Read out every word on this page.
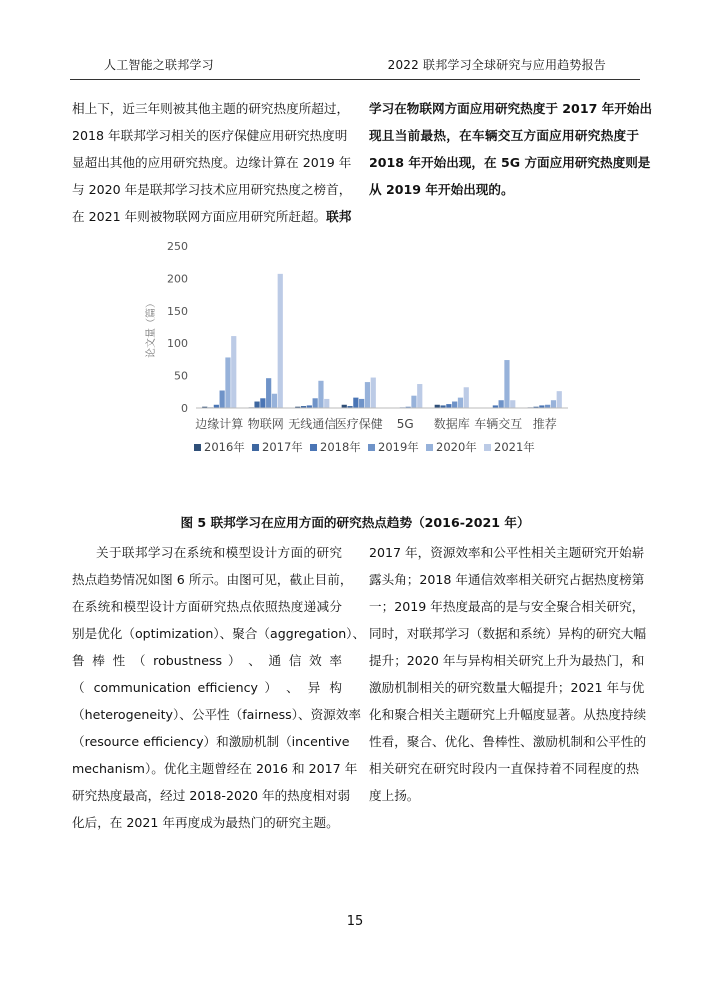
人工智能之联邦学习	2022 联邦学习全球研究与应用趋势报告
相上下，近三年则被其他主题的研究热度所超过，
2018 年联邦学习相关的医疗保健应用研究热度明
显超出其他的应用研究热度。边缘计算在 2019 年
与 2020 年是联邦学习技术应用研究热度之榜首，
在 2021 年则被物联网方面应用研究所赶超。联邦
学习在物联网方面应用研究热度于 2017 年开始出
现且当前最热，在车辆交互方面应用研究热度于
2018 年开始出现，在 5G 方面应用研究热度则是
从 2019 年开始出现的。
0
50
100
150
200
250
边缘计算 物联网 无线通信
医疗保健 5G 数据库 车辆交互 推荐
2016年 2017年 2018年 2019年 2020年 2021年
论文量（篇）
图 5 联邦学习在应用方面的研究热点趋势（2016-2021 年）
关于联邦学习在系统和模型设计方面的研究
热点趋势情况如图 6 所示。由图可见，截止目前，
在系统和模型设计方面研究热点依照热度递减分
别是优化（optimization）、聚合（aggregation）、
鲁 棒 性 （ robustness ） 、 通 信 效 率
（ communication efficiency ） 、 异 构
（heterogeneity）、公平性（fairness）、资源效率
（resource efficiency）和激励机制（incentive
mechanism）。优化主题曾经在 2016 和 2017 年
研究热度最高，经过 2018-2020 年的热度相对弱
化后，在 2021 年再度成为最热门的研究主题。
2017 年，资源效率和公平性相关主题研究开始崭
露头角；2018 年通信效率相关研究占据热度榜第
一；2019 年热度最高的是与安全聚合相关研究，
同时，对联邦学习（数据和系统）异构的研究大幅
提升；2020 年与异构相关研究上升为最热门，和
激励机制相关的研究数量大幅提升；2021 年与优
化和聚合相关主题研究上升幅度显著。从热度持续
性看，聚合、优化、鲁棒性、激励机制和公平性的
相关研究在研究时段内一直保持着不同程度的热
度上扬。
15
